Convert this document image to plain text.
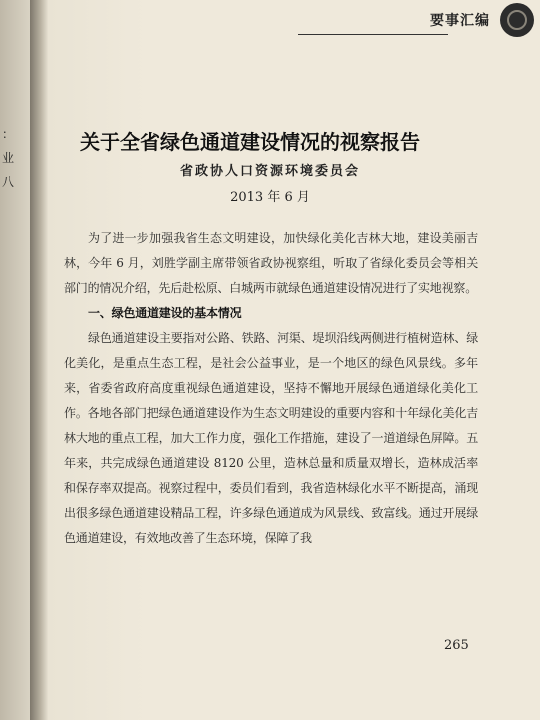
：
业
八
要事汇编
关于全省绿色通道建设情况的视察报告
省政协人口资源环境委员会
2013 年 6 月

为了进一步加强我省生态文明建设，加快绿化美化吉林大地，建设美丽吉林，今年 6 月，刘胜学副主席带领省政协视察组，听取了省绿化委员会等相关部门的情况介绍，先后赴松原、白城两市就绿色通道建设情况进行了实地视察。

一、绿色通道建设的基本情况

绿色通道建设主要指对公路、铁路、河渠、堤坝沿线两侧进行植树造林、绿化美化，是重点生态工程，是社会公益事业，是一个地区的绿色风景线。多年来，省委省政府高度重视绿色通道建设，坚持不懈地开展绿色通道绿化美化工作。各地各部门把绿色通道建设作为生态文明建设的重要内容和十年绿化美化吉林大地的重点工程，加大工作力度，强化工作措施，建设了一道道绿色屏障。五年来，共完成绿色通道建设 8120 公里，造林总量和质量双增长，造林成活率和保存率双提高。视察过程中，委员们看到，我省造林绿化水平不断提高，涌现出很多绿色通道建设精品工程，许多绿色通道成为风景线、致富线。通过开展绿色通道建设，有效地改善了生态环境，保障了我

265
